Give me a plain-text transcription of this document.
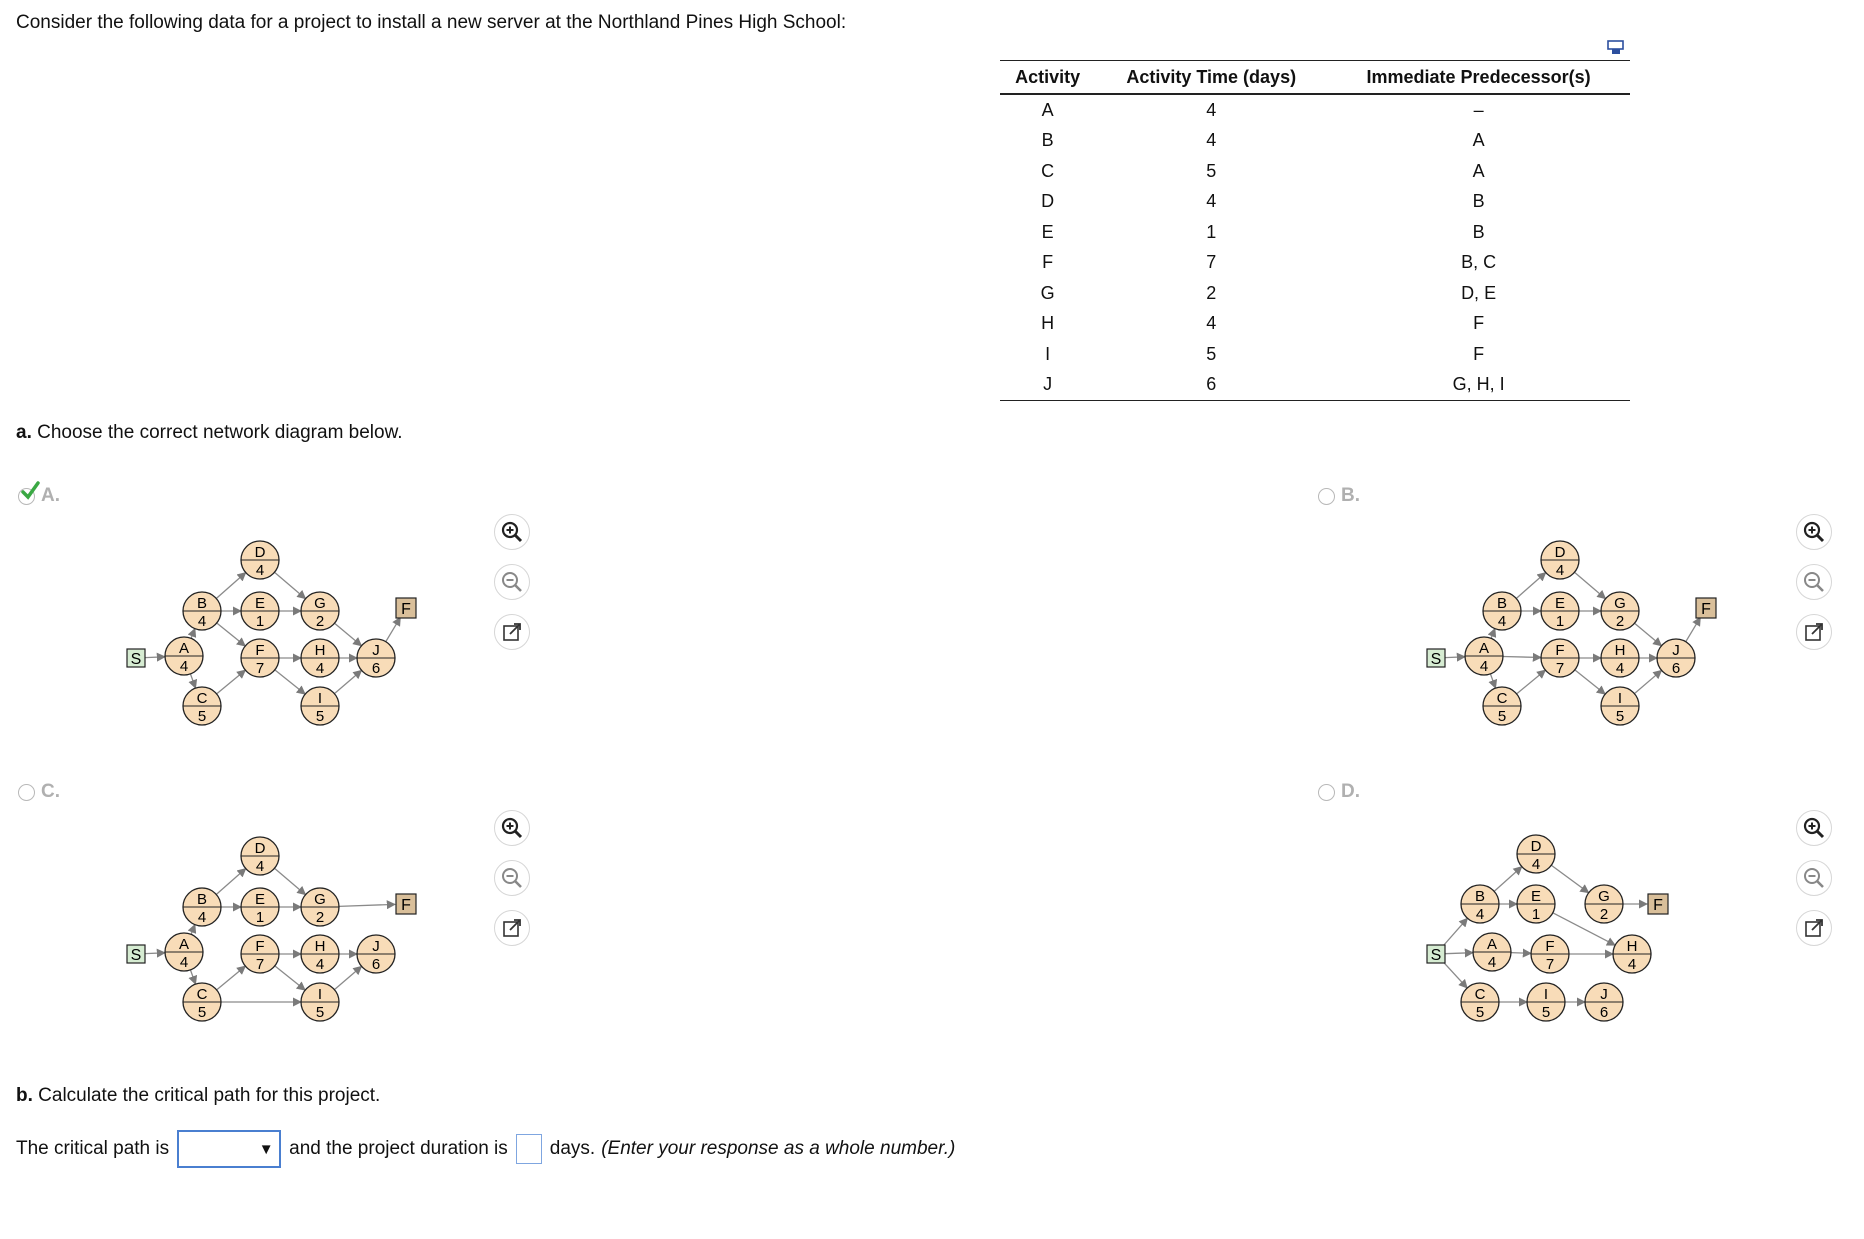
Consider the following data for a project to install a new server at the Northland Pines High School:
Activity	Activity Time (days)	Immediate Predecessor(s)
A	4	–
B	4	A
C	5	A
D	4	B
E	1	B
F	7	B, C
G	2	D, E
H	4	F
I	5	F
J	6	G, H, I
a. Choose the correct network diagram below.
A.	B.
C.	D.
S
F
A
4
B
4
C
5
D
4
E
1
F
7
G
2
H
4
I
5
J
6
S
F
A
4
B
4
C
5
D
4
E
1
F
7
G
2
H
4
I
5
J
6
S
F
A
4
B
4
C
5
D
4
E
1
F
7
G
2
H
4
I
5
J
6
S
F
A
4
B
4
C
5
D
4
E
1
F
7
G
2
H
4
I
5
J
6
b. Calculate the critical path for this project.
The critical path is	▼ and the project duration is days. (Enter your response as a whole number.)
